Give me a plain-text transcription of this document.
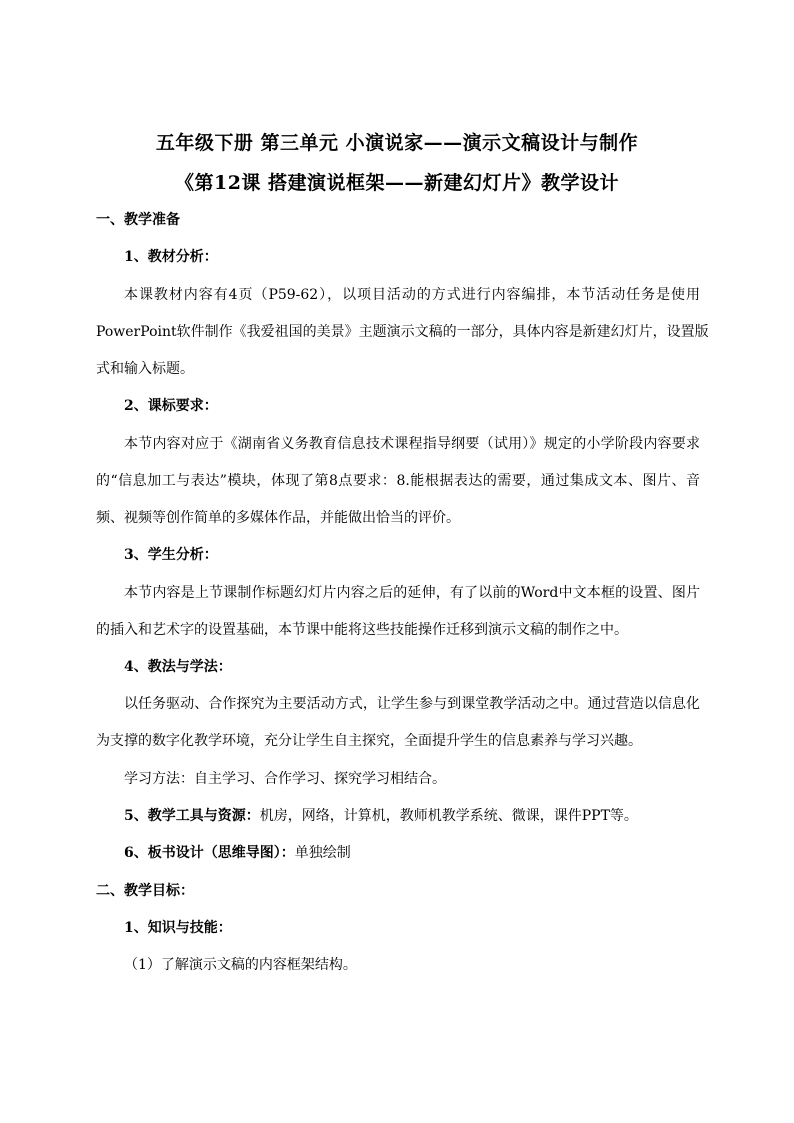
五年级下册 第三单元 小演说家——演示文稿设计与制作
《第12课 搭建演说框架——新建幻灯片》教学设计
一、教学准备
1、教材分析：
本课教材内容有4页（P59-62），以项目活动的方式进行内容编排，本节活动任务是使用
PowerPoint软件制作《我爱祖国的美景》主题演示文稿的一部分，具体内容是新建幻灯片，设置版
式和输入标题。
2、课标要求：
本节内容对应于《湖南省义务教育信息技术课程指导纲要（试用）》规定的小学阶段内容要求
的“信息加工与表达”模块，体现了第8点要求：8.能根据表达的需要，通过集成文本、图片、音
频、视频等创作简单的多媒体作品，并能做出恰当的评价。
3、学生分析：
本节内容是上节课制作标题幻灯片内容之后的延伸，有了以前的Word中文本框的设置、图片
的插入和艺术字的设置基础，本节课中能将这些技能操作迁移到演示文稿的制作之中。
4、教法与学法：
以任务驱动、合作探究为主要活动方式，让学生参与到课堂教学活动之中。通过营造以信息化
为支撑的数字化教学环境，充分让学生自主探究，全面提升学生的信息素养与学习兴趣。
学习方法：自主学习、合作学习、探究学习相结合。
5、教学工具与资源：机房，网络，计算机，教师机教学系统、微课，课件PPT等。
6、板书设计（思维导图）：单独绘制
二、教学目标：
1、知识与技能：
（1）了解演示文稿的内容框架结构。
